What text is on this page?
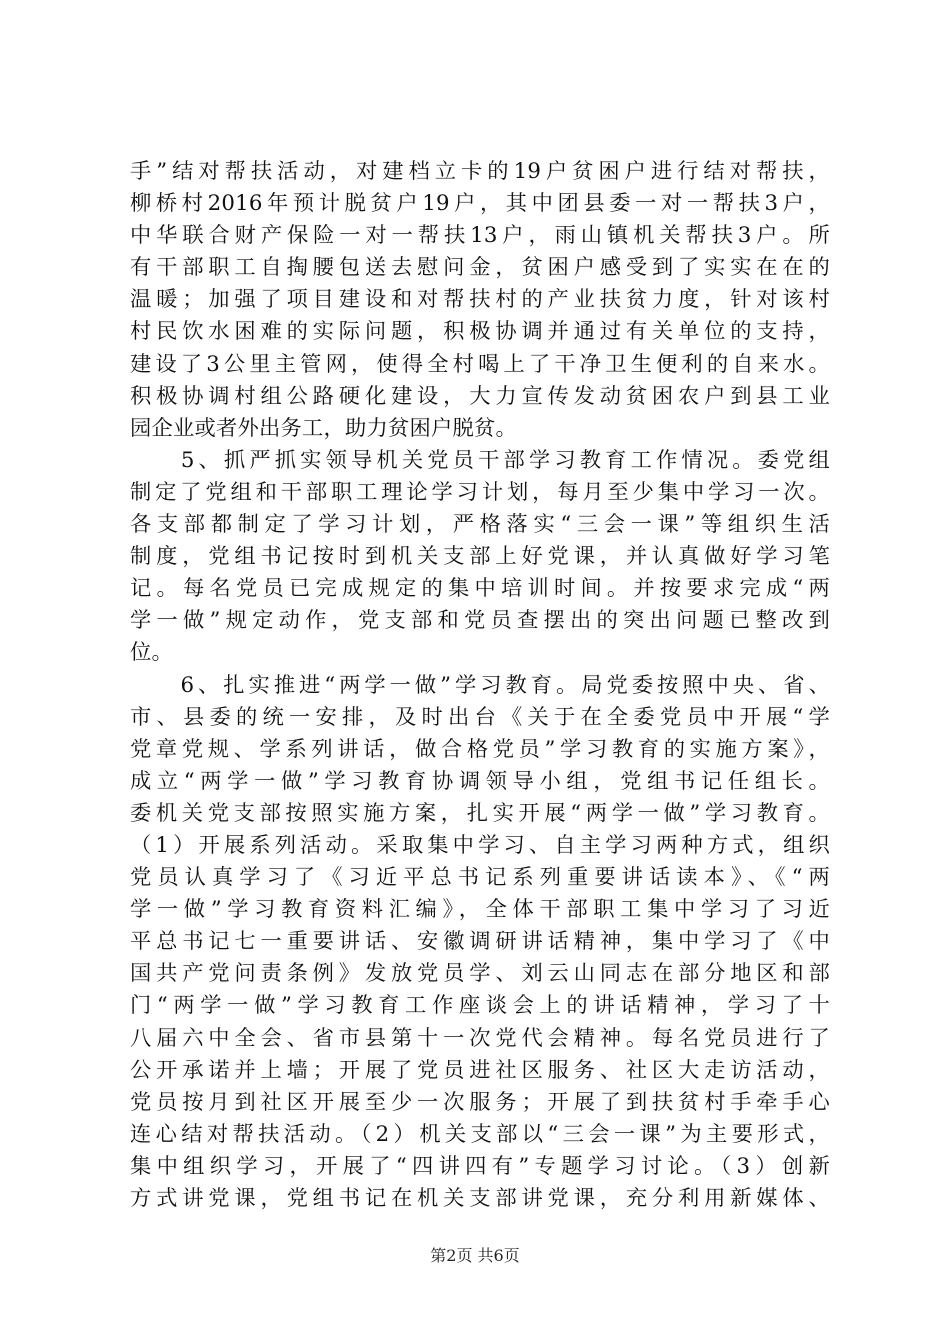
手”结对帮扶活动，对建档立卡的19户贫困户进行结对帮扶，
柳桥村2016年预计脱贫户19户，其中团县委一对一帮扶3户，
中华联合财产保险一对一帮扶13户，雨山镇机关帮扶3户。所
有干部职工自掏腰包送去慰问金，贫困户感受到了实实在在的
温暖；加强了项目建设和对帮扶村的产业扶贫力度，针对该村
村民饮水困难的实际问题，积极协调并通过有关单位的支持，
建设了3公里主管网，使得全村喝上了干净卫生便利的自来水。
积极协调村组公路硬化建设，大力宣传发动贫困农户到县工业
园企业或者外出务工，助力贫困户脱贫。
　　5、抓严抓实领导机关党员干部学习教育工作情况。委党组
制定了党组和干部职工理论学习计划，每月至少集中学习一次。
各支部都制定了学习计划，严格落实“三会一课”等组织生活
制度，党组书记按时到机关支部上好党课，并认真做好学习笔
记。每名党员已完成规定的集中培训时间。并按要求完成“两
学一做”规定动作，党支部和党员查摆出的突出问题已整改到
位。
　　6、扎实推进“两学一做”学习教育。局党委按照中央、省、
市、县委的统一安排，及时出台《关于在全委党员中开展“学
党章党规、学系列讲话，做合格党员”学习教育的实施方案》，
成立“两学一做”学习教育协调领导小组，党组书记任组长。
委机关党支部按照实施方案，扎实开展“两学一做”学习教育。
（1）开展系列活动。采取集中学习、自主学习两种方式，组织
党员认真学习了《习近平总书记系列重要讲话读本》、《“两
学一做”学习教育资料汇编》，全体干部职工集中学习了习近
平总书记七一重要讲话、安徽调研讲话精神，集中学习了《中
国共产党问责条例》发放党员学、刘云山同志在部分地区和部
门“两学一做”学习教育工作座谈会上的讲话精神，学习了十
八届六中全会、省市县第十一次党代会精神。每名党员进行了
公开承诺并上墙；开展了党员进社区服务、社区大走访活动，
党员按月到社区开展至少一次服务；开展了到扶贫村手牵手心
连心结对帮扶活动。（2）机关支部以“三会一课”为主要形式，
集中组织学习，开展了“四讲四有”专题学习讨论。（3）创新
方式讲党课，党组书记在机关支部讲党课，充分利用新媒体、
第2页 共6页
